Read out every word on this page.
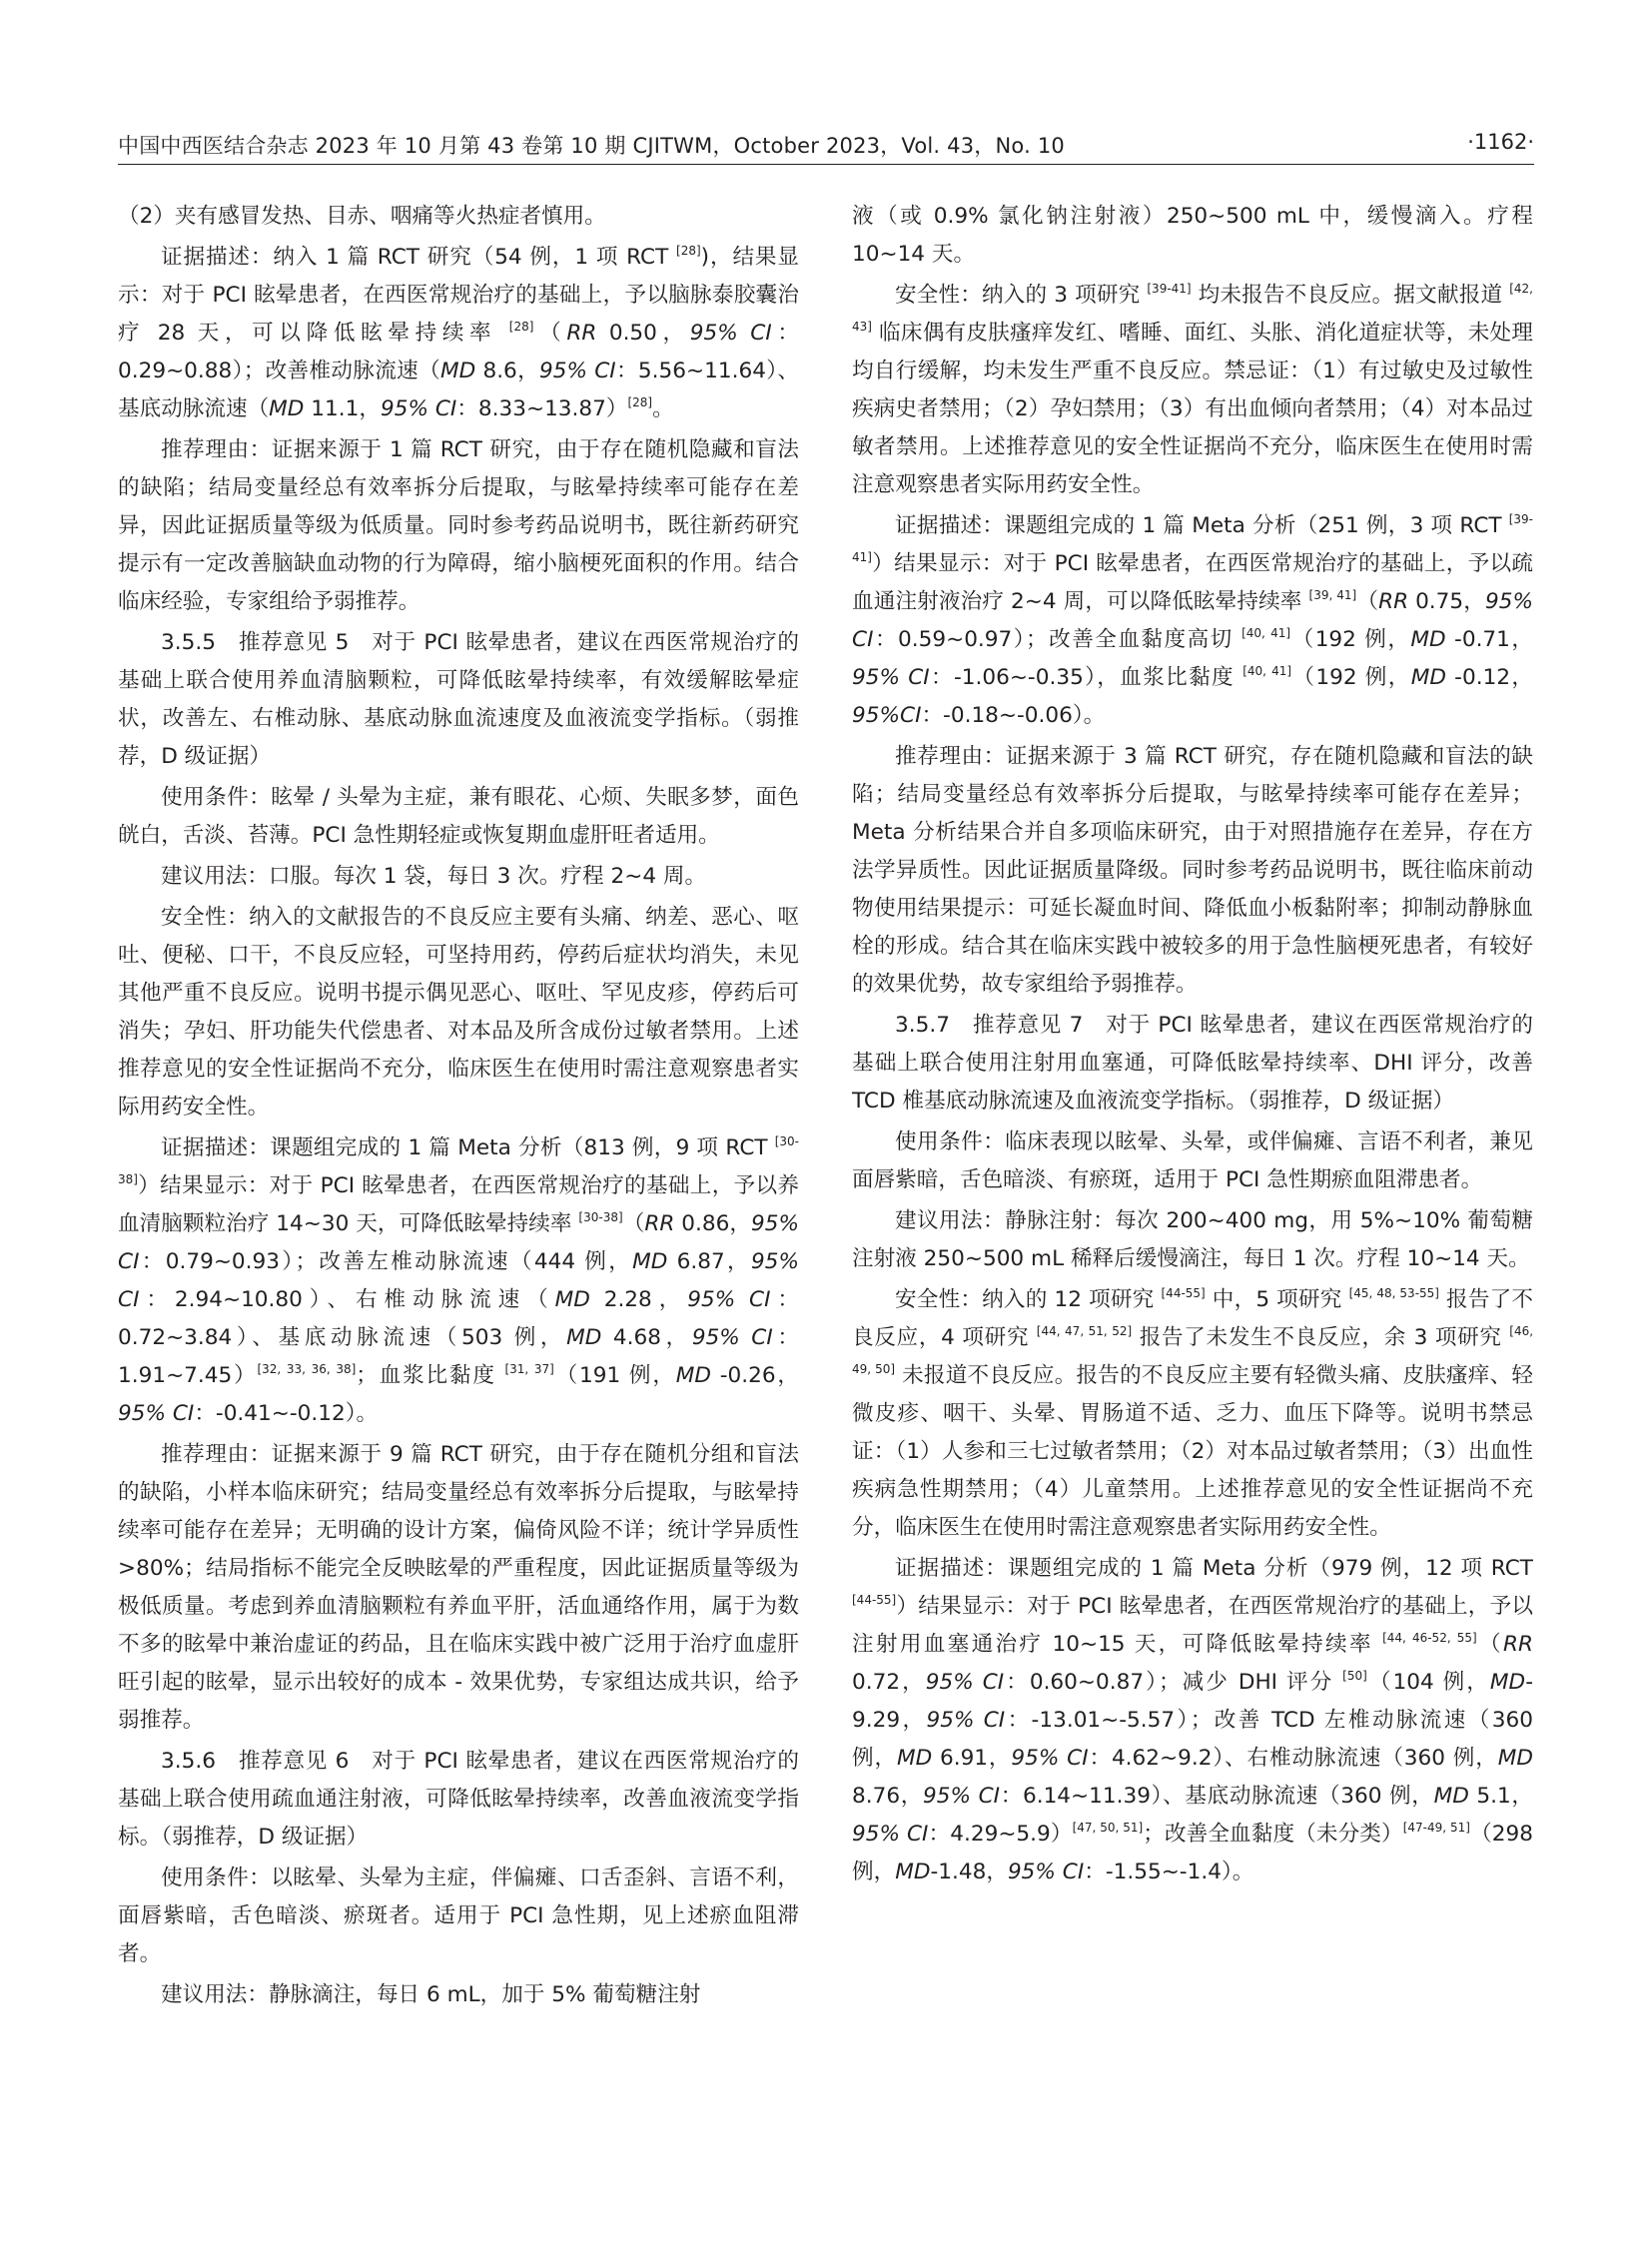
中国中西医结合杂志 2023 年 10 月第 43 卷第 10 期 CJITWM，October 2023，Vol. 43，No. 10	·1162·

（2）夹有感冒发热、目赤、咽痛等火热症者慎用。

证据描述：纳入 1 篇 RCT 研究（54 例，1 项 RCT [28])，结果显示：对于 PCI 眩晕患者，在西医常规治疗的基础上，予以脑脉泰胶囊治疗 28 天，可以降低眩晕持续率 [28]（RR 0.50，95% CI：0.29~0.88）；改善椎动脉流速（MD 8.6，95% CI：5.56~11.64）、基底动脉流速（MD 11.1，95% CI：8.33~13.87）[28]。

推荐理由：证据来源于 1 篇 RCT 研究，由于存在随机隐藏和盲法的缺陷；结局变量经总有效率拆分后提取，与眩晕持续率可能存在差异，因此证据质量等级为低质量。同时参考药品说明书，既往新药研究提示有一定改善脑缺血动物的行为障碍，缩小脑梗死面积的作用。结合临床经验，专家组给予弱推荐。

3.5.5　推荐意见 5　对于 PCI 眩晕患者，建议在西医常规治疗的基础上联合使用养血清脑颗粒，可降低眩晕持续率，有效缓解眩晕症状，改善左、右椎动脉、基底动脉血流速度及血液流变学指标。（弱推荐，D 级证据）

使用条件：眩晕 / 头晕为主症，兼有眼花、心烦、失眠多梦，面色㿠白，舌淡、苔薄。PCI 急性期轻症或恢复期血虚肝旺者适用。

建议用法：口服。每次 1 袋，每日 3 次。疗程 2~4 周。

安全性：纳入的文献报告的不良反应主要有头痛、纳差、恶心、呕吐、便秘、口干，不良反应轻，可坚持用药，停药后症状均消失，未见其他严重不良反应。说明书提示偶见恶心、呕吐、罕见皮疹，停药后可消失；孕妇、肝功能失代偿患者、对本品及所含成份过敏者禁用。上述推荐意见的安全性证据尚不充分，临床医生在使用时需注意观察患者实际用药安全性。

证据描述：课题组完成的 1 篇 Meta 分析（813 例，9 项 RCT [30-38]）结果显示：对于 PCI 眩晕患者，在西医常规治疗的基础上，予以养血清脑颗粒治疗 14~30 天，可降低眩晕持续率 [30-38]（RR 0.86，95% CI：0.79~0.93）；改善左椎动脉流速（444 例，MD 6.87，95% CI：2.94~10.80）、右椎动脉流速（MD 2.28，95% CI：0.72~3.84）、基底动脉流速（503 例，MD 4.68，95% CI：1.91~7.45）[32, 33, 36, 38]；血浆比黏度 [31, 37]（191 例，MD -0.26，95% CI：-0.41~-0.12）。

推荐理由：证据来源于 9 篇 RCT 研究，由于存在随机分组和盲法的缺陷，小样本临床研究；结局变量经总有效率拆分后提取，与眩晕持续率可能存在差异；无明确的设计方案，偏倚风险不详；统计学异质性 >80%；结局指标不能完全反映眩晕的严重程度，因此证据质量等级为极低质量。考虑到养血清脑颗粒有养血平肝，活血通络作用，属于为数不多的眩晕中兼治虚证的药品，且在临床实践中被广泛用于治疗血虚肝旺引起的眩晕，显示出较好的成本 - 效果优势，专家组达成共识，给予弱推荐。

3.5.6　推荐意见 6　对于 PCI 眩晕患者，建议在西医常规治疗的基础上联合使用疏血通注射液，可降低眩晕持续率，改善血液流变学指标。（弱推荐，D 级证据）

使用条件：以眩晕、头晕为主症，伴偏瘫、口舌歪斜、言语不利，面唇紫暗，舌色暗淡、瘀斑者。适用于 PCI 急性期，见上述瘀血阻滞者。

建议用法：静脉滴注，每日 6 mL，加于 5% 葡萄糖注射

液（或 0.9% 氯化钠注射液）250~500 mL 中，缓慢滴入。疗程 10~14 天。

安全性：纳入的 3 项研究 [39-41] 均未报告不良反应。据文献报道 [42, 43] 临床偶有皮肤瘙痒发红、嗜睡、面红、头胀、消化道症状等，未处理均自行缓解，均未发生严重不良反应。禁忌证：（1）有过敏史及过敏性疾病史者禁用；（2）孕妇禁用；（3）有出血倾向者禁用；（4）对本品过敏者禁用。上述推荐意见的安全性证据尚不充分，临床医生在使用时需注意观察患者实际用药安全性。

证据描述：课题组完成的 1 篇 Meta 分析（251 例，3 项 RCT [39-41]）结果显示：对于 PCI 眩晕患者，在西医常规治疗的基础上，予以疏血通注射液治疗 2~4 周，可以降低眩晕持续率 [39, 41]（RR 0.75，95% CI：0.59~0.97）；改善全血黏度高切 [40, 41]（192 例，MD -0.71，95% CI：-1.06~-0.35），血浆比黏度 [40, 41]（192 例，MD -0.12，95%CI：-0.18~-0.06）。

推荐理由：证据来源于 3 篇 RCT 研究，存在随机隐藏和盲法的缺陷；结局变量经总有效率拆分后提取，与眩晕持续率可能存在差异；Meta 分析结果合并自多项临床研究，由于对照措施存在差异，存在方法学异质性。因此证据质量降级。同时参考药品说明书，既往临床前动物使用结果提示：可延长凝血时间、降低血小板黏附率；抑制动静脉血栓的形成。结合其在临床实践中被较多的用于急性脑梗死患者，有较好的效果优势，故专家组给予弱推荐。

3.5.7　推荐意见 7　对于 PCI 眩晕患者，建议在西医常规治疗的基础上联合使用注射用血塞通，可降低眩晕持续率、DHI 评分，改善 TCD 椎基底动脉流速及血液流变学指标。（弱推荐，D 级证据）

使用条件：临床表现以眩晕、头晕，或伴偏瘫、言语不利者，兼见面唇紫暗，舌色暗淡、有瘀斑，适用于 PCI 急性期瘀血阻滞患者。

建议用法：静脉注射：每次 200~400 mg，用 5%~10% 葡萄糖注射液 250~500 mL 稀释后缓慢滴注，每日 1 次。疗程 10~14 天。

安全性：纳入的 12 项研究 [44-55] 中，5 项研究 [45, 48, 53-55] 报告了不良反应，4 项研究 [44, 47, 51, 52] 报告了未发生不良反应，余 3 项研究 [46, 49, 50] 未报道不良反应。报告的不良反应主要有轻微头痛、皮肤瘙痒、轻微皮疹、咽干、头晕、胃肠道不适、乏力、血压下降等。说明书禁忌证：（1）人参和三七过敏者禁用；（2）对本品过敏者禁用；（3）出血性疾病急性期禁用；（4）儿童禁用。上述推荐意见的安全性证据尚不充分，临床医生在使用时需注意观察患者实际用药安全性。

证据描述：课题组完成的 1 篇 Meta 分析（979 例，12 项 RCT [44-55]）结果显示：对于 PCI 眩晕患者，在西医常规治疗的基础上，予以注射用血塞通治疗 10~15 天，可降低眩晕持续率 [44, 46-52, 55]（RR 0.72，95% CI：0.60~0.87）；减少 DHI 评分 [50]（104 例，MD-9.29，95% CI：-13.01~-5.57）；改善 TCD 左椎动脉流速（360 例，MD 6.91，95% CI：4.62~9.2）、右椎动脉流速（360 例，MD 8.76，95% CI：6.14~11.39）、基底动脉流速（360 例，MD 5.1，95% CI：4.29~5.9）[47, 50, 51]；改善全血黏度（未分类）[47-49, 51]（298 例，MD-1.48，95% CI：-1.55~-1.4）。
